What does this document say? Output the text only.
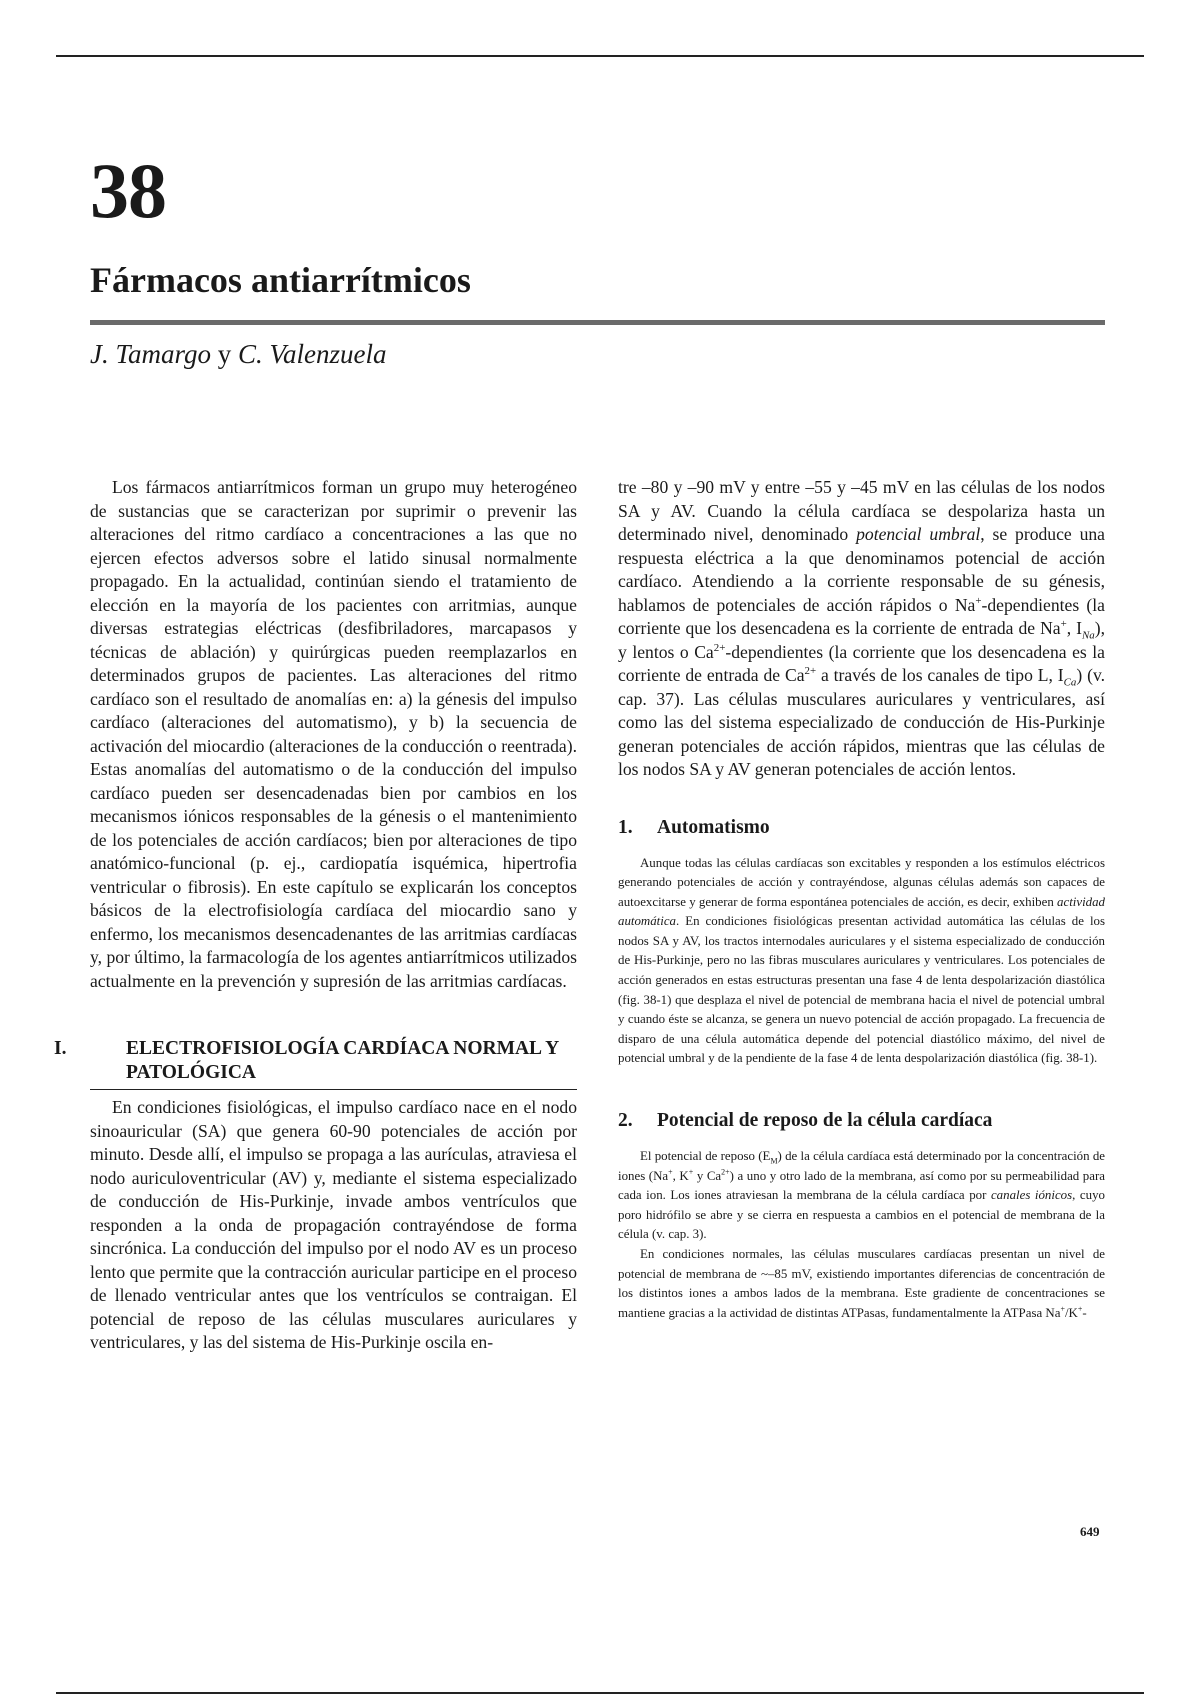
38
Fármacos antiarrítmicos
J. Tamargo y C. Valenzuela

Los fármacos antiarrítmicos forman un grupo muy heterogéneo de sustancias que se caracterizan por suprimir o prevenir las alteraciones del ritmo cardíaco a concentraciones a las que no ejercen efectos adversos sobre el latido sinusal normalmente propagado. En la actualidad, continúan siendo el tratamiento de elección en la mayoría de los pacientes con arritmias, aunque diversas estrategias eléctricas (desfibriladores, marcapasos y técnicas de ablación) y quirúrgicas pueden reemplazarlos en determinados grupos de pacientes. Las alteraciones del ritmo cardíaco son el resultado de anomalías en: a) la génesis del impulso cardíaco (alteraciones del automatismo), y b) la secuencia de activación del miocardio (alteraciones de la conducción o reentrada). Estas anomalías del automatismo o de la conducción del impulso cardíaco pueden ser desencadenadas bien por cambios en los mecanismos iónicos responsables de la génesis o el mantenimiento de los potenciales de acción cardíacos; bien por alteraciones de tipo anatómico-funcional (p. ej., cardiopatía isquémica, hipertrofia ventricular o fibrosis). En este capítulo se explicarán los conceptos básicos de la electrofisiología cardíaca del miocardio sano y enfermo, los mecanismos desencadenantes de las arritmias cardíacas y, por último, la farmacología de los agentes antiarrítmicos utilizados actualmente en la prevención y supresión de las arritmias cardíacas.

I.	ELECTROFISIOLOGÍA CARDÍACA NORMAL Y PATOLÓGICA

En condiciones fisiológicas, el impulso cardíaco nace en el nodo sinoauricular (SA) que genera 60-90 potenciales de acción por minuto. Desde allí, el impulso se propaga a las aurículas, atraviesa el nodo auriculoventricular (AV) y, mediante el sistema especializado de conducción de His-Purkinje, invade ambos ventrículos que responden a la onda de propagación contrayéndose de forma sincrónica. La conducción del impulso por el nodo AV es un proceso lento que permite que la contracción auricular participe en el proceso de llenado ventricular antes que los ventrículos se contraigan. El potencial de reposo de las células musculares auriculares y ventriculares, y las del sistema de His-Purkinje oscila en-

tre –80 y –90 mV y entre –55 y –45 mV en las células de los nodos SA y AV. Cuando la célula cardíaca se despolariza hasta un determinado nivel, denominado potencial umbral, se produce una respuesta eléctrica a la que denominamos potencial de acción cardíaco. Atendiendo a la corriente responsable de su génesis, hablamos de potenciales de acción rápidos o Na+-dependientes (la corriente que los desencadena es la corriente de entrada de Na+, $I_{Na}$), y lentos o $Ca^{2+}$-dependientes (la corriente que los desencadena es la corriente de entrada de $Ca^{2+}$ a través de los canales de tipo L, $I_{Ca}$) (v. cap. 37). Las células musculares auriculares y ventriculares, así como las del sistema especializado de conducción de His-Purkinje generan potenciales de acción rápidos, mientras que las células de los nodos SA y AV generan potenciales de acción lentos.

1. Automatismo

Aunque todas las células cardíacas son excitables y responden a los estímulos eléctricos generando potenciales de acción y contrayéndose, algunas células además son capaces de autoexcitarse y generar de forma espontánea potenciales de acción, es decir, exhiben actividad automática. En condiciones fisiológicas presentan actividad automática las células de los nodos SA y AV, los tractos internodales auriculares y el sistema especializado de conducción de His-Purkinje, pero no las fibras musculares auriculares y ventriculares. Los potenciales de acción generados en estas estructuras presentan una fase 4 de lenta despolarización diastólica (fig. 38-1) que desplaza el nivel de potencial de membrana hacia el nivel de potencial umbral y cuando éste se alcanza, se genera un nuevo potencial de acción propagado. La frecuencia de disparo de una célula automática depende del potencial diastólico máximo, del nivel de potencial umbral y de la pendiente de la fase 4 de lenta despolarización diastólica (fig. 38-1).

2. Potencial de reposo de la célula cardíaca

El potencial de reposo $(E_M)$ de la célula cardíaca está determinado por la concentración de iones (Na+, K+ y $Ca^{2+}$) a uno y otro lado de la membrana, así como por su permeabilidad para cada ion. Los iones atraviesan la membrana de la célula cardíaca por canales iónicos, cuyo poro hidrófilo se abre y se cierra en respuesta a cambios en el potencial de membrana de la célula (v. cap. 3).

En condiciones normales, las células musculares cardíacas presentan un nivel de potencial de membrana de ~–85 mV, existiendo importantes diferencias de concentración de los distintos iones a ambos lados de la membrana. Este gradiente de concentraciones se mantiene gracias a la actividad de distintas ATPasas, fundamentalmente la ATPasa Na+/K+-

649
